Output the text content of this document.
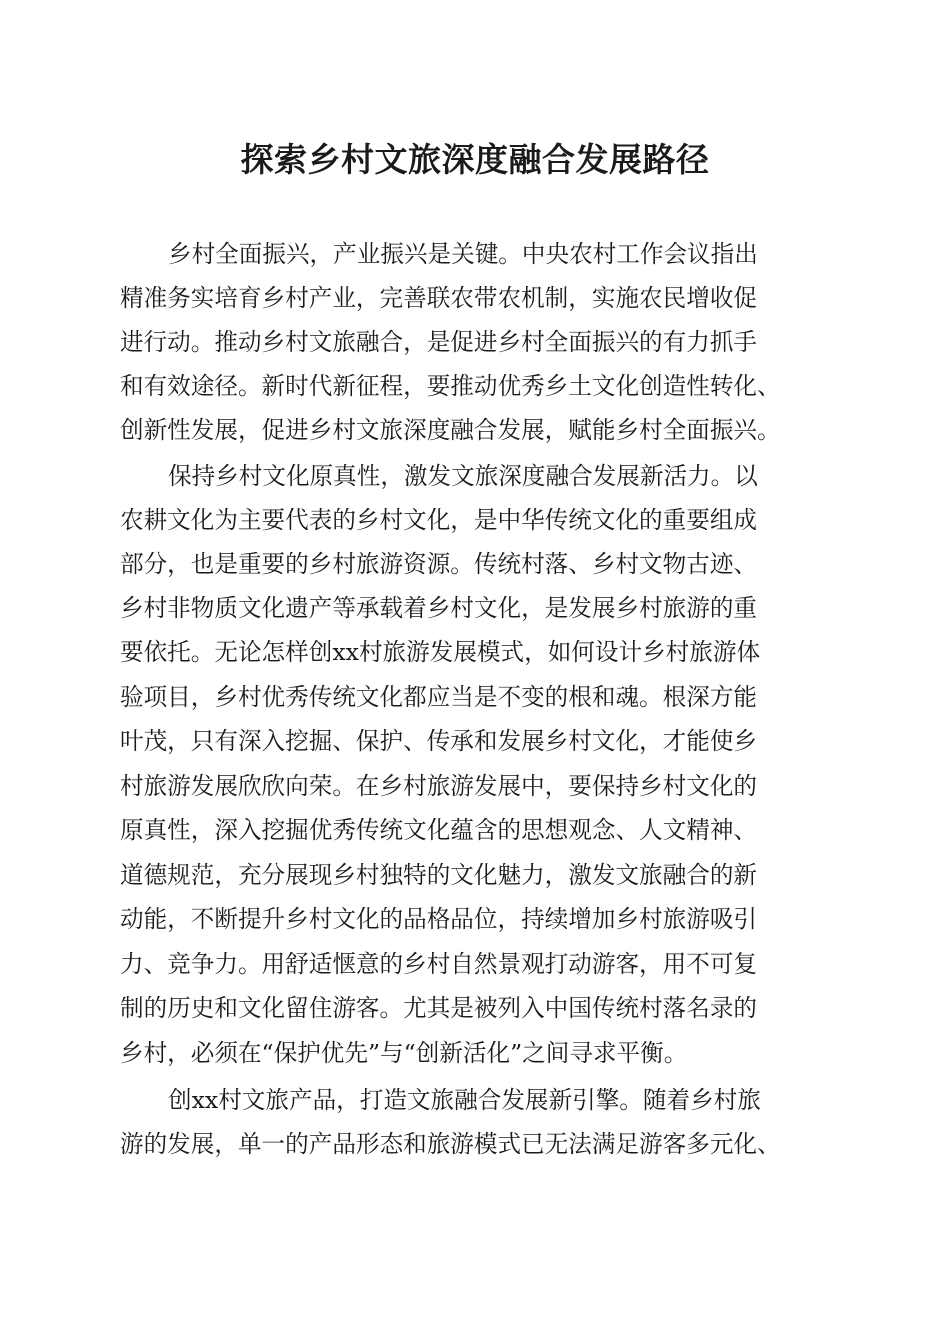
探索乡村文旅深度融合发展路径

乡村全面振兴，产业振兴是关键。中央农村工作会议指出

精准务实培育乡村产业，完善联农带农机制，实施农民增收促

进行动。推动乡村文旅融合，是促进乡村全面振兴的有力抓手

和有效途径。新时代新征程，要推动优秀乡土文化创造性转化、

创新性发展，促进乡村文旅深度融合发展，赋能乡村全面振兴。

保持乡村文化原真性，激发文旅深度融合发展新活力。以

农耕文化为主要代表的乡村文化，是中华传统文化的重要组成

部分，也是重要的乡村旅游资源。传统村落、乡村文物古迹、

乡村非物质文化遗产等承载着乡村文化，是发展乡村旅游的重

要依托。无论怎样创xx村旅游发展模式，如何设计乡村旅游体

验项目，乡村优秀传统文化都应当是不变的根和魂。根深方能

叶茂，只有深入挖掘、保护、传承和发展乡村文化，才能使乡

村旅游发展欣欣向荣。在乡村旅游发展中，要保持乡村文化的

原真性，深入挖掘优秀传统文化蕴含的思想观念、人文精神、

道德规范，充分展现乡村独特的文化魅力，激发文旅融合的新

动能，不断提升乡村文化的品格品位，持续增加乡村旅游吸引

力、竞争力。用舒适惬意的乡村自然景观打动游客，用不可复

制的历史和文化留住游客。尤其是被列入中国传统村落名录的

乡村，必须在“保护优先”与“创新活化”之间寻求平衡。

创xx村文旅产品，打造文旅融合发展新引擎。随着乡村旅

游的发展，单一的产品形态和旅游模式已无法满足游客多元化、
